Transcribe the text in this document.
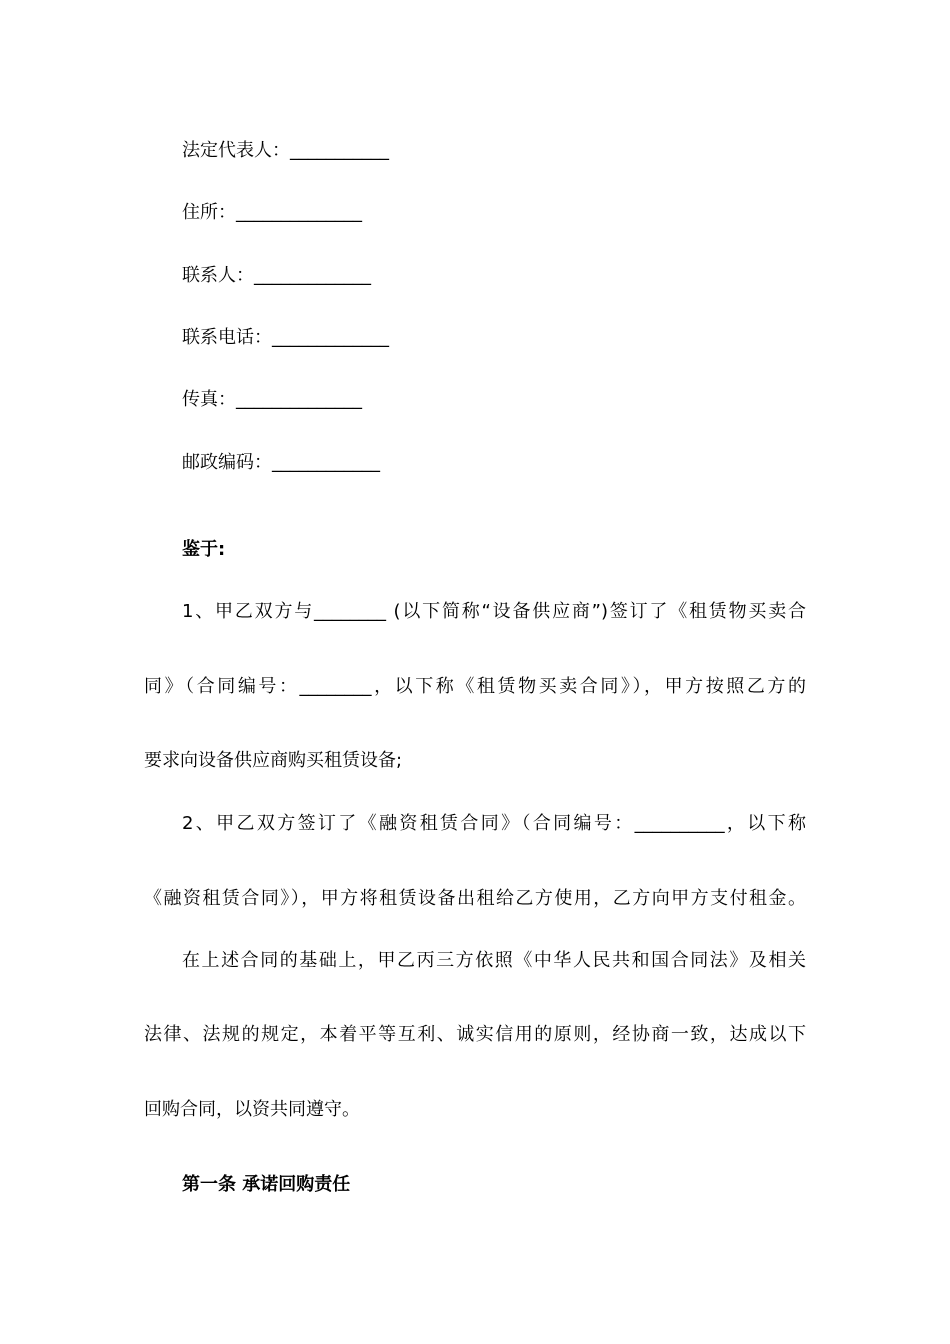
法定代表人：___________
住所：______________
联系人：_____________
联系电话：_____________
传真：______________
邮政编码：____________
鉴于:
1、甲乙双方与________ (以下简称“设备供应商”)签订了《租赁物买卖合
同》（合同编号：________，以下称《租赁物买卖合同》），甲方按照乙方的
要求向设备供应商购买租赁设备;
2、甲乙双方签订了《融资租赁合同》（合同编号：__________，以下称
《融资租赁合同》），甲方将租赁设备出租给乙方使用，乙方向甲方支付租金。
在上述合同的基础上，甲乙丙三方依照《中华人民共和国合同法》及相关
法律、法规的规定，本着平等互利、诚实信用的原则，经协商一致，达成以下
回购合同，以资共同遵守。
第一条 承诺回购责任
